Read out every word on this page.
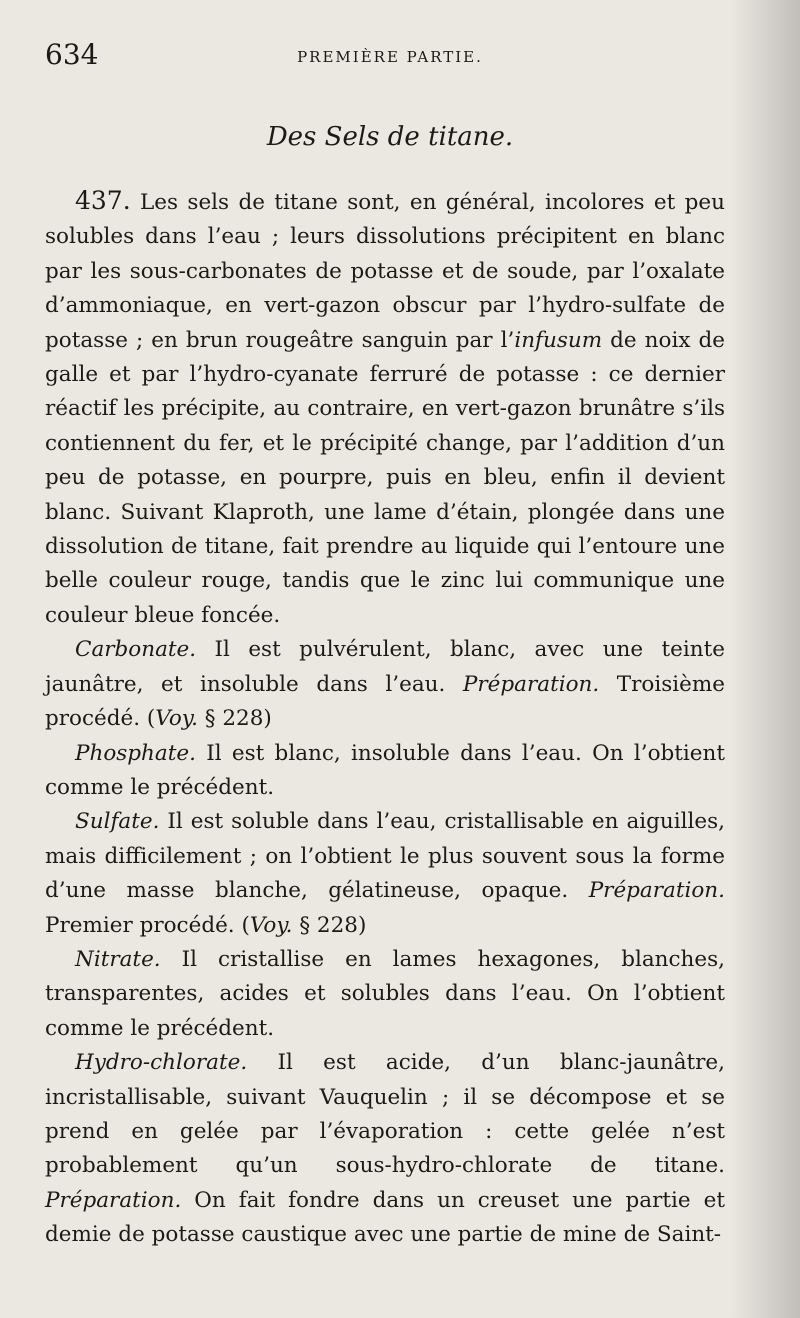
634	PREMIÈRE PARTIE.
Des Sels de titane.

437. Les sels de titane sont, en général, incolores et peu solubles dans l’eau ; leurs dissolutions précipitent en blanc par les sous-carbonates de potasse et de soude, par l’oxalate d’ammoniaque, en vert-gazon obscur par l’hydro-sulfate de potasse ; en brun rougeâtre sanguin par l’infusum de noix de galle et par l’hydro-cyanate ferruré de potasse : ce dernier réactif les précipite, au contraire, en vert-gazon brunâtre s’ils contiennent du fer, et le précipité change, par l’addition d’un peu de potasse, en pourpre, puis en bleu, enfin il devient blanc. Suivant Klaproth, une lame d’étain, plongée dans une dissolution de titane, fait prendre au liquide qui l’entoure une belle couleur rouge, tandis que le zinc lui communique une couleur bleue foncée.

Carbonate. Il est pulvérulent, blanc, avec une teinte jaunâtre, et insoluble dans l’eau. Préparation. Troisième procédé. (Voy. § 228)

Phosphate. Il est blanc, insoluble dans l’eau. On l’obtient comme le précédent.

Sulfate. Il est soluble dans l’eau, cristallisable en aiguilles, mais difficilement ; on l’obtient le plus souvent sous la forme d’une masse blanche, gélatineuse, opaque. Préparation. Premier procédé. (Voy. § 228)

Nitrate. Il cristallise en lames hexagones, blanches, transparentes, acides et solubles dans l’eau. On l’obtient comme le précédent.

Hydro-chlorate. Il est acide, d’un blanc-jaunâtre, incristallisable, suivant Vauquelin ; il se décompose et se prend en gelée par l’évaporation : cette gelée n’est probablement qu’un sous-hydro-chlorate de titane. Préparation. On fait fondre dans un creuset une partie et demie de potasse caustique avec une partie de mine de Saint-
